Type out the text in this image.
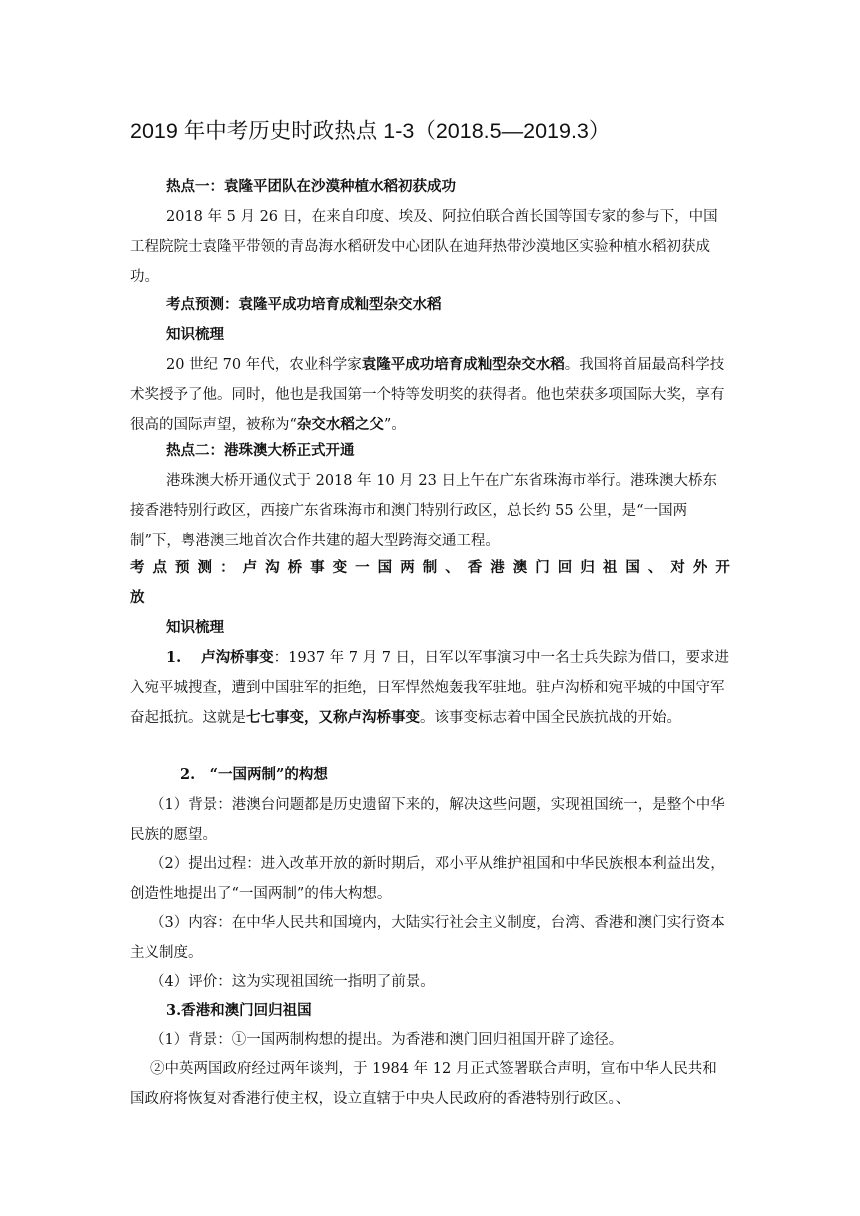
2019 年中考历史时政热点 1-3（2018.5—2019.3）

热点一：袁隆平团队在沙漠种植水稻初获成功

2018 年 5 月 26 日，在来自印度、埃及、阿拉伯联合酋长国等国专家的参与下，中国工程院院士袁隆平带领的青岛海水稻研发中心团队在迪拜热带沙漠地区实验种植水稻初获成功。

考点预测：袁隆平成功培育成籼型杂交水稻

知识梳理

20 世纪 70 年代，农业科学家袁隆平成功培育成籼型杂交水稻。我国将首届最高科学技术奖授予了他。同时，他也是我国第一个特等发明奖的获得者。他也荣获多项国际大奖，享有很高的国际声望，被称为“杂交水稻之父”。

热点二：港珠澳大桥正式开通

港珠澳大桥开通仪式于 2018 年 10 月 23 日上午在广东省珠海市举行。港珠澳大桥东接香港特别行政区，西接广东省珠海市和澳门特别行政区，总长约 55 公里，是“一国两制”下，粤港澳三地首次合作共建的超大型跨海交通工程。

考 点 预 测 ： 卢 沟 桥 事 变 一 国 两 制 、 香 港 澳 门 回 归 祖 国 、 对 外 开
放

知识梳理

1. 卢沟桥事变：1937 年 7 月 7 日，日军以军事演习中一名士兵失踪为借口，要求进入宛平城搜查，遭到中国驻军的拒绝，日军悍然炮轰我军驻地。驻卢沟桥和宛平城的中国守军奋起抵抗。这就是七七事变，又称卢沟桥事变。该事变标志着中国全民族抗战的开始。

2.　“一国两制”的构想

（1）背景：港澳台问题都是历史遗留下来的，解决这些问题，实现祖国统一，是整个中华民族的愿望。

（2）提出过程：进入改革开放的新时期后，邓小平从维护祖国和中华民族根本利益出发，创造性地提出了“一国两制”的伟大构想。

（3）内容：在中华人民共和国境内，大陆实行社会主义制度，台湾、香港和澳门实行资本主义制度。

（4）评价：这为实现祖国统一指明了前景。

3.香港和澳门回归祖国

（1）背景：①一国两制构想的提出。为香港和澳门回归祖国开辟了途径。

②中英两国政府经过两年谈判，于 1984 年 12 月正式签署联合声明，宣布中华人民共和国政府将恢复对香港行使主权，设立直辖于中央人民政府的香港特别行政区。、
